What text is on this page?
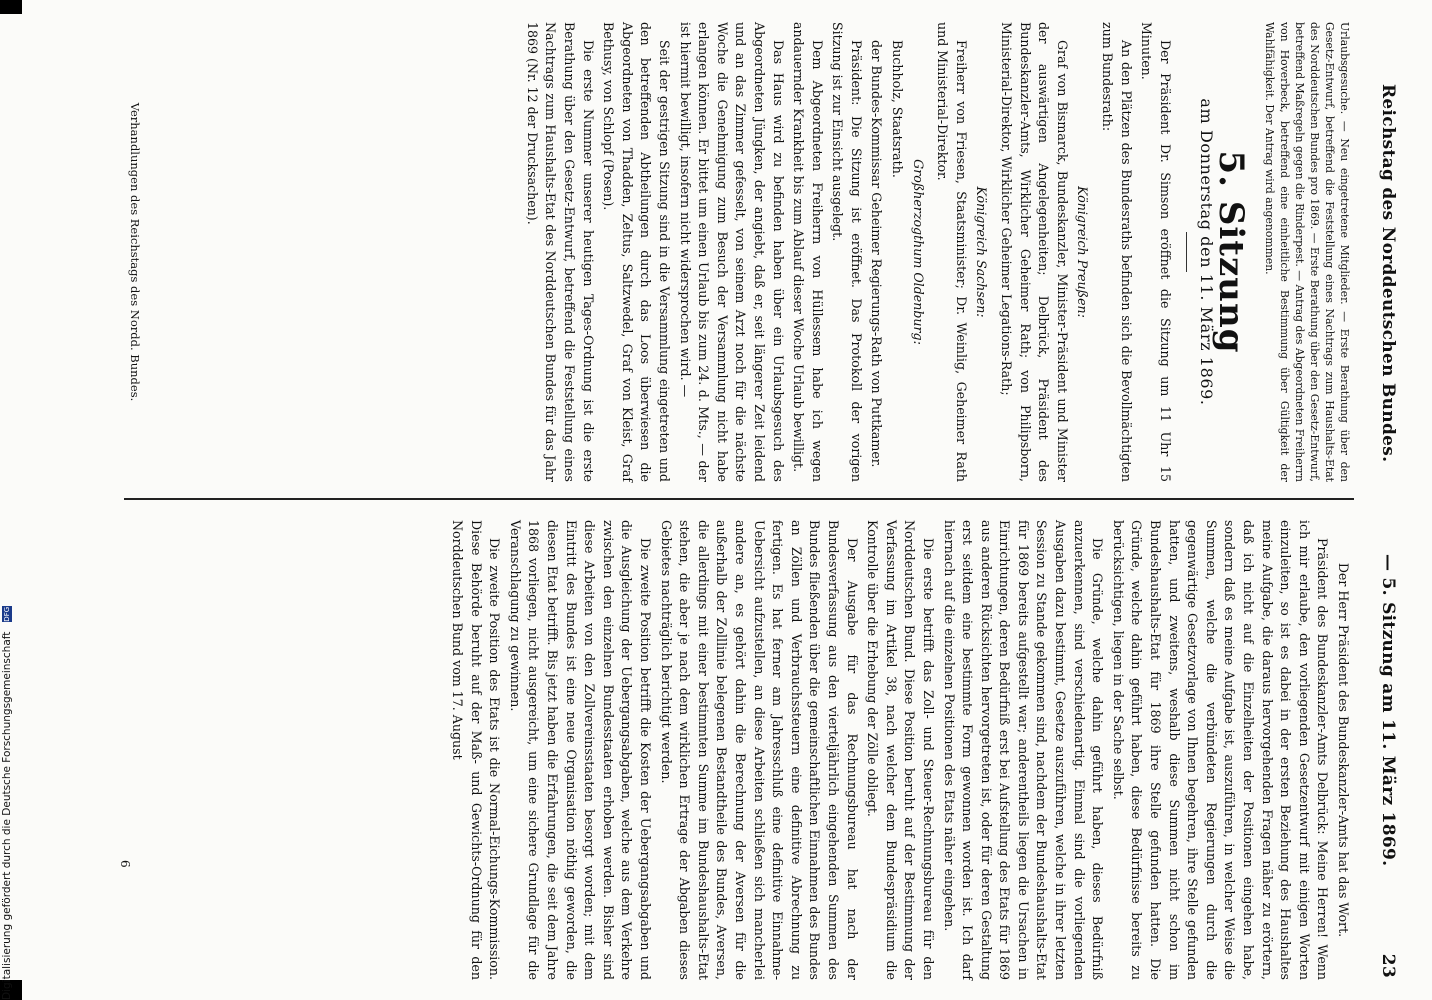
Reichstag des Norddeutschen Bundes.
— 5. Sitzung am 11. März 1869.
23

Urlaubsgesuche. — Neu eingetretene Mitglieder. — Erste Berathung über den Gesetz-Entwurf, betreffend die Feststellung eines Nachtrags zum Haushalts-Etat des Norddeutschen Bundes pro 1869. — Erste Berathung über den Gesetz-Entwurf, betreffend Maßregeln gegen die Rinderpest. — Antrag des Abgeordneten Freiherrn von Hoverbeck, betreffend eine einheitliche Bestimmung über Gültigkeit der Wahlfähigkeit. Der Antrag wird angenommen.

5. Sitzung
am Donnerstag den 11. März 1869.

Der Präsident Dr. Simson eröffnet die Sitzung um 11 Uhr 15 Minuten.

An den Plätzen des Bundesraths befinden sich die Bevollmächtigten zum Bundesrath:

Königreich Preußen:

Graf von Bismarck, Bundeskanzler, Minister-Präsident und Minister der auswärtigen Angelegenheiten; Delbrück, Präsident des Bundeskanzler-Amts, Wirklicher Geheimer Rath; von Philipsborn, Ministerial-Direktor, Wirklicher Geheimer Legations-Rath;

Königreich Sachsen:

Freiherr von Friesen, Staatsminister; Dr. Weinlig, Geheimer Rath und Ministerial-Direktor.

Großherzogthum Oldenburg:

Buchholz, Staatsrath.

der Bundes-Kommissar Geheimer Regierungs-Rath von Puttkamer.

Präsident: Die Sitzung ist eröffnet. Das Protokoll der vorigen Sitzung ist zur Einsicht ausgelegt.

Dem Abgeordneten Freiherrn von Hüllessem habe ich wegen andauernder Krankheit bis zum Ablauf dieser Woche Urlaub bewilligt.

Das Haus wird zu befinden haben über ein Urlaubsgesuch des Abgeordneten Jüngken, der angiebt, daß er, seit längerer Zeit leidend und an das Zimmer gefesselt, von seinem Arzt noch für die nächste Woche die Genehmigung zum Besuch der Versammlung nicht habe erlangen können. Er bittet um einen Urlaub bis zum 24. d. Mts., — der ist hiermit bewilligt, insofern nicht widersprochen wird. —

Seit der gestrigen Sitzung sind in die Versammlung eingetreten und den betreffenden Abtheilungen durch das Loos überwiesen die Abgeordneten von Thadden, Zeltus, Saltzwedel, Graf von Kleist, Graf Bethusy, von Schlopf (Posen).

Die erste Nummer unserer heutigen Tages-Ordnung ist die erste Berathung über den Gesetz-Entwurf, betreffend die Feststellung eines Nachtrags zum Haushalts-Etat des Norddeutschen Bundes für das Jahr 1869 (Nr. 12 der Drucksachen).

Der Herr Präsident des Bundeskanzler-Amts hat das Wort.

Präsident des Bundeskanzler-Amts Delbrück: Meine Herren! Wenn ich mir erlaube, den vorliegenden Gesetzentwurf mit einigen Worten einzuleiten, so ist es dabei in der ersten Beziehung des Haushaltes meine Aufgabe, die daraus hervorgehenden Fragen näher zu erörtern, daß ich nicht auf die Einzelheiten der Positionen eingehen habe, sondern daß es meine Aufgabe ist, auszuführen, in welcher Weise die Summen, welche die verbündeten Regierungen durch die gegenwärtige Gesetzvorlage von Ihnen begehren, ihre Stelle gefunden hatten, und zweitens, weshalb diese Summen nicht schon im Bundeshaushalts-Etat für 1869 ihre Stelle gefunden hatten. Die Gründe, welche dahin geführt haben, diese Bedürfnisse bereits zu berücksichtigen, liegen in der Sache selbst.

Die Gründe, welche dahin geführt haben, dieses Bedürfniß anzuerkennen, sind verschiedenartig. Einmal sind die vorliegenden Ausgaben dazu bestimmt, Gesetze auszuführen, welche in ihrer letzten Session zu Stande gekommen sind, nachdem der Bundeshaushalts-Etat für 1869 bereits aufgestellt war; anderentheils liegen die Ursachen in Einrichtungen, deren Bedürfniß erst bei Aufstellung des Etats für 1869 aus anderen Rücksichten hervorgetreten ist, oder für deren Gestaltung erst seitdem eine bestimmte Form gewonnen worden ist. Ich darf hiernach auf die einzelnen Positionen des Etats näher eingehen.

Die erste betrifft das Zoll- und Steuer-Rechnungsbureau für den Norddeutschen Bund. Diese Position beruht auf der Bestimmung der Verfassung im Artikel 38, nach welcher dem Bundespräsidium die Kontrolle über die Erhebung der Zölle obliegt.

Der Ausgabe für das Rechnungsbureau hat nach der Bundesverfassung aus den vierteljährlich eingehenden Summen des Bundes fließenden über die gemeinschaftlichen Einnahmen des Bundes an Zöllen und Verbrauchssteuern eine definitive Abrechnung zu fertigen. Es hat ferner am Jahresschluß eine definitive Einnahme-Uebersicht aufzustellen, an diese Arbeiten schließen sich mancherlei andere an, es gehört dahin die Berechnung der Aversen für die außerhalb der Zolllinie belegenen Bestandtheile des Bundes, Aversen, die allerdings mit einer bestimmten Summe im Bundeshaushalts-Etat stehen, die aber je nach dem wirklichen Ertrage der Abgaben dieses Gebietes nachträglich berichtigt werden.

Die zweite Position betrifft die Kosten der Uebergangsabgaben und die Ausgleichung der Uebergangsabgaben, welche aus dem Verkehre zwischen den einzelnen Bundesstaaten erhoben werden. Bisher sind diese Arbeiten von den Zollvereinsstaaten besorgt worden; mit dem Eintritt des Bundes ist eine neue Organisation nöthig geworden, die diesen Etat betrifft. Bis jetzt haben die Erfahrungen, die seit dem Jahre 1868 vorliegen, nicht ausgereicht, um eine sichere Grundlage für die Veranschlagung zu gewinnen.

Die zweite Position des Etats ist die Normal-Eichungs-Kommission. Diese Behörde beruht auf der Maß- und Gewichts-Ordnung für den Norddeutschen Bund vom 17. August

Verhandlungen des Reichstags des Nordd. Bundes.
6
Digitalisierung gefördert durch die Deutsche Forschungsgemeinschaft DFG
